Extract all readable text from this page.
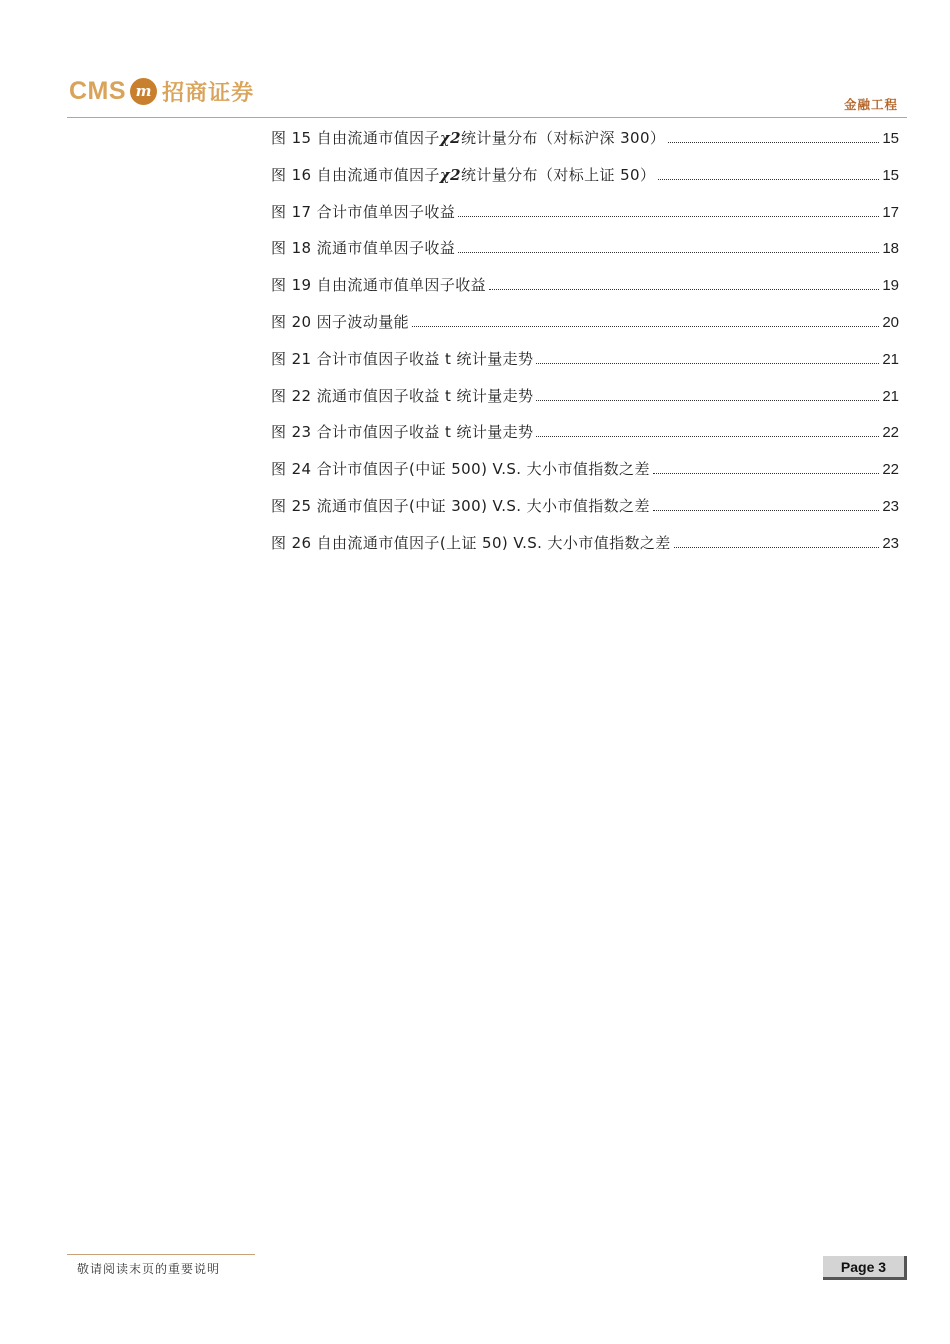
CMS m 招商证券	金融工程
图 15 自由流通市值因子χ2统计量分布（对标沪深 300）	15
图 16 自由流通市值因子χ2统计量分布（对标上证 50）	15
图 17 合计市值单因子收益	17
图 18 流通市值单因子收益	18
图 19 自由流通市值单因子收益	19
图 20 因子波动量能	20
图 21 合计市值因子收益 t 统计量走势	21
图 22 流通市值因子收益 t 统计量走势	21
图 23 合计市值因子收益 t 统计量走势	22
图 24 合计市值因子(中证 500) V.S. 大小市值指数之差	22
图 25 流通市值因子(中证 300) V.S. 大小市值指数之差	23
图 26 自由流通市值因子(上证 50) V.S. 大小市值指数之差	23
敬请阅读末页的重要说明	Page 3
